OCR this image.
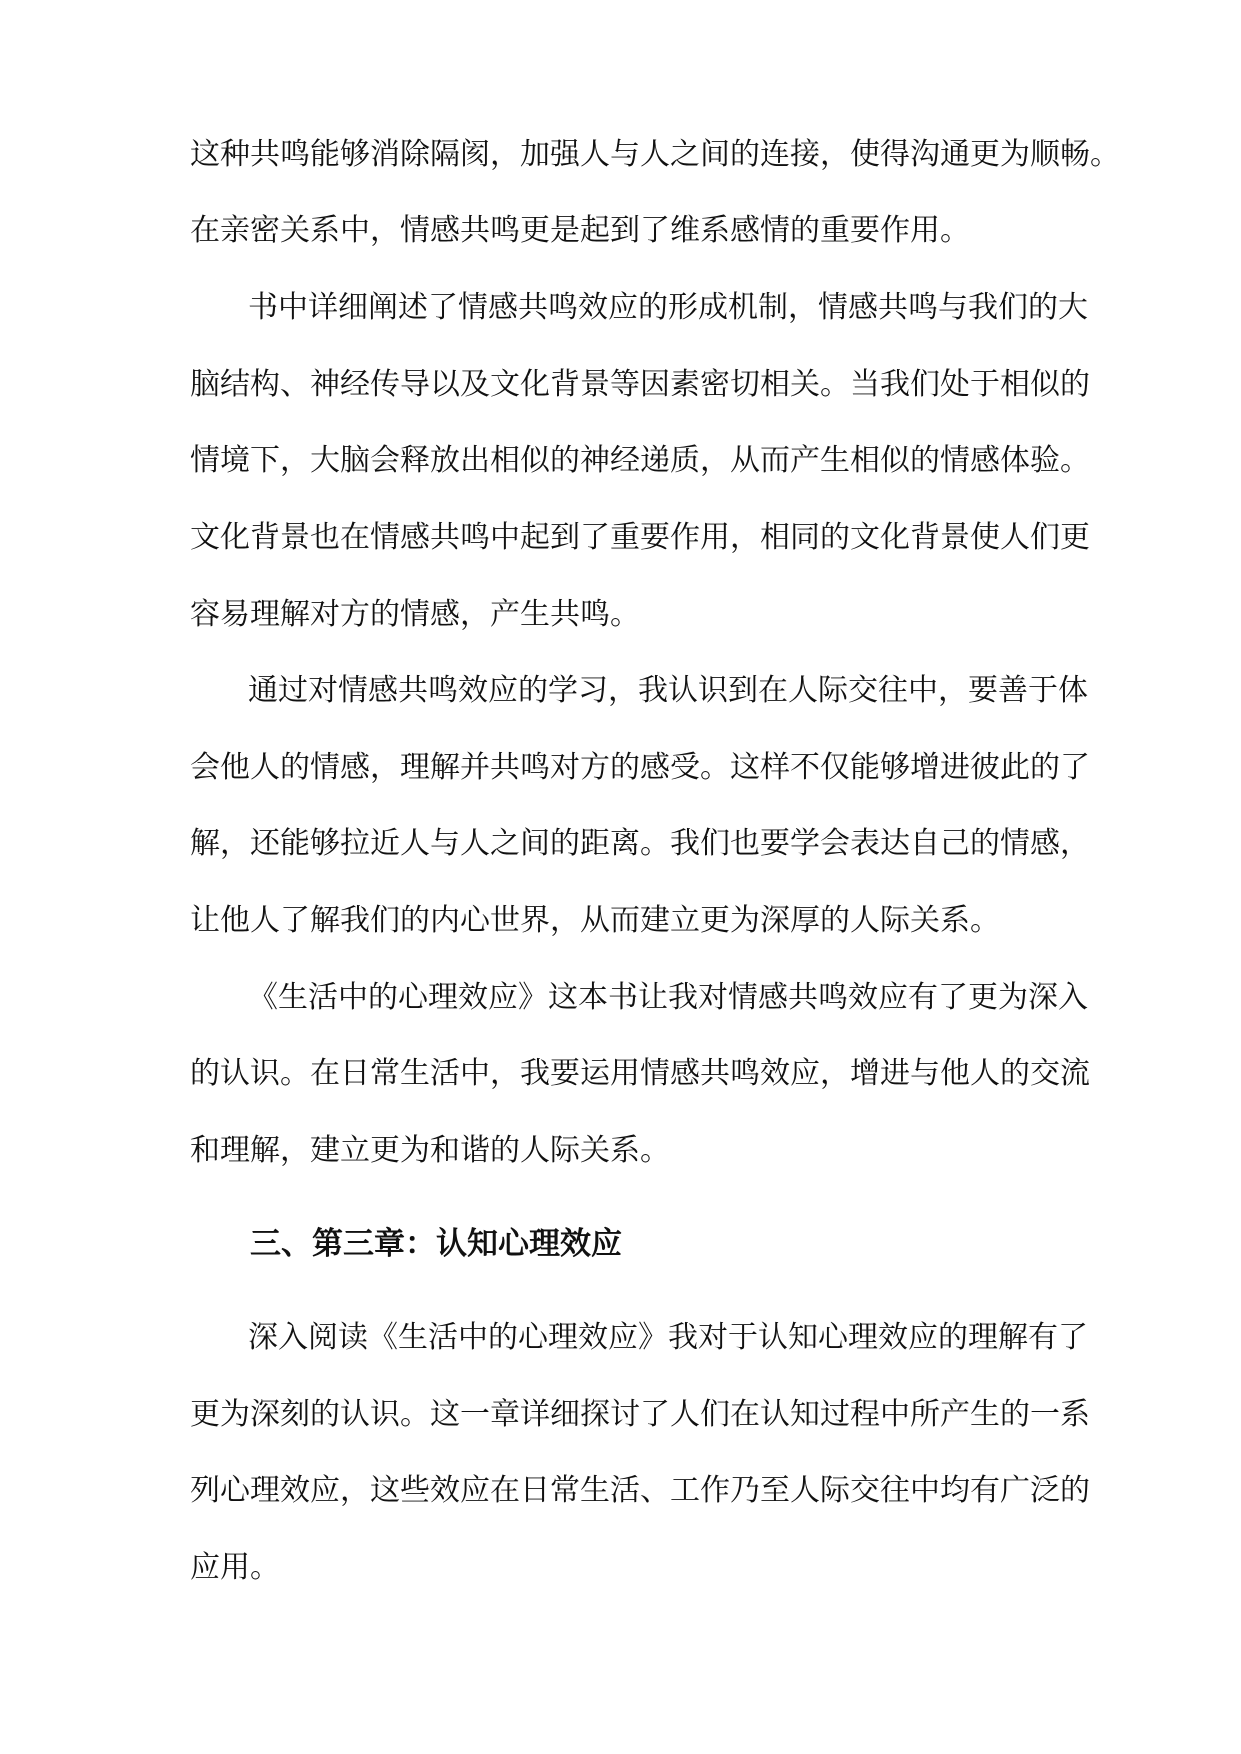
这种共鸣能够消除隔阂，加强人与人之间的连接，使得沟通更为顺畅。
在亲密关系中，情感共鸣更是起到了维系感情的重要作用。
书中详细阐述了情感共鸣效应的形成机制，情感共鸣与我们的大
脑结构、神经传导以及文化背景等因素密切相关。当我们处于相似的
情境下，大脑会释放出相似的神经递质，从而产生相似的情感体验。
文化背景也在情感共鸣中起到了重要作用，相同的文化背景使人们更
容易理解对方的情感，产生共鸣。
通过对情感共鸣效应的学习，我认识到在人际交往中，要善于体
会他人的情感，理解并共鸣对方的感受。这样不仅能够增进彼此的了
解，还能够拉近人与人之间的距离。我们也要学会表达自己的情感，
让他人了解我们的内心世界，从而建立更为深厚的人际关系。
《生活中的心理效应》这本书让我对情感共鸣效应有了更为深入
的认识。在日常生活中，我要运用情感共鸣效应，增进与他人的交流
和理解，建立更为和谐的人际关系。
三、第三章：认知心理效应
深入阅读《生活中的心理效应》我对于认知心理效应的理解有了
更为深刻的认识。这一章详细探讨了人们在认知过程中所产生的一系
列心理效应，这些效应在日常生活、工作乃至人际交往中均有广泛的
应用。
